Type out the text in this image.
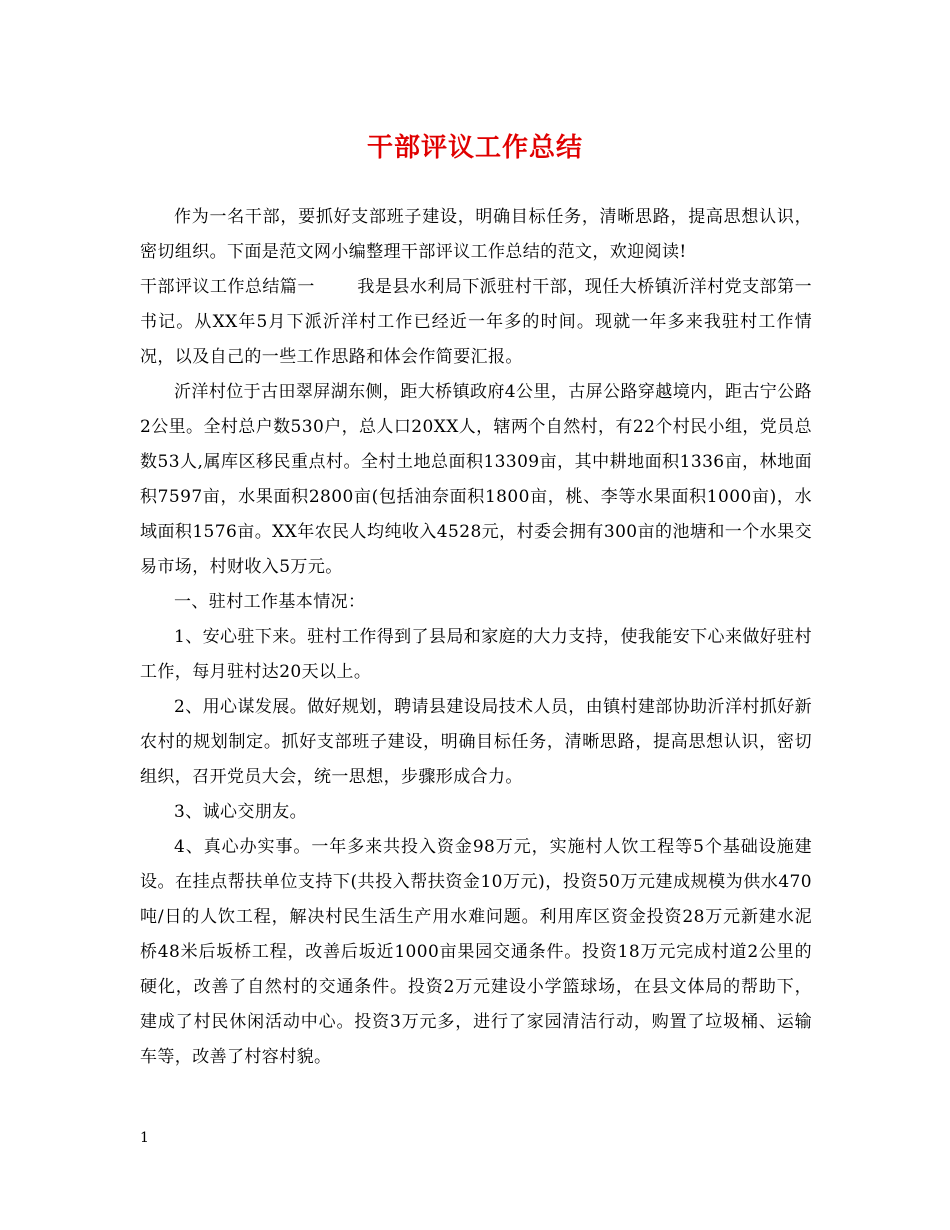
干部评议工作总结

作为一名干部，要抓好支部班子建设，明确目标任务，清晰思路，提高思想认识，密切组织。下面是范文网小编整理干部评议工作总结的范文，欢迎阅读!

干部评议工作总结篇一	我是县水利局下派驻村干部，现任大桥镇沂洋村党支部第一书记。从XX年5月下派沂洋村工作已经近一年多的时间。现就一年多来我驻村工作情况，以及自己的一些工作思路和体会作简要汇报。

沂洋村位于古田翠屏湖东侧，距大桥镇政府4公里，古屏公路穿越境内，距古宁公路2公里。全村总户数530户，总人口20XX人，辖两个自然村，有22个村民小组，党员总数53人,属库区移民重点村。全村土地总面积13309亩，其中耕地面积1336亩，林地面积7597亩，水果面积2800亩(包括油奈面积1800亩，桃、李等水果面积1000亩)，水域面积1576亩。XX年农民人均纯收入4528元，村委会拥有300亩的池塘和一个水果交易市场，村财收入5万元。

一、驻村工作基本情况：

1、安心驻下来。驻村工作得到了县局和家庭的大力支持，使我能安下心来做好驻村工作，每月驻村达20天以上。

2、用心谋发展。做好规划，聘请县建设局技术人员，由镇村建部协助沂洋村抓好新农村的规划制定。抓好支部班子建设，明确目标任务，清晰思路，提高思想认识，密切组织，召开党员大会，统一思想，步骤形成合力。

3、诚心交朋友。

4、真心办实事。一年多来共投入资金98万元，实施村人饮工程等5个基础设施建设。在挂点帮扶单位支持下(共投入帮扶资金10万元)，投资50万元建成规模为供水470吨/日的人饮工程，解决村民生活生产用水难问题。利用库区资金投资28万元新建水泥桥48米后坂桥工程，改善后坂近1000亩果园交通条件。投资18万元完成村道2公里的硬化，改善了自然村的交通条件。投资2万元建设小学篮球场，在县文体局的帮助下，建成了村民休闲活动中心。投资3万元多，进行了家园清洁行动，购置了垃圾桶、运输车等，改善了村容村貌。

1
